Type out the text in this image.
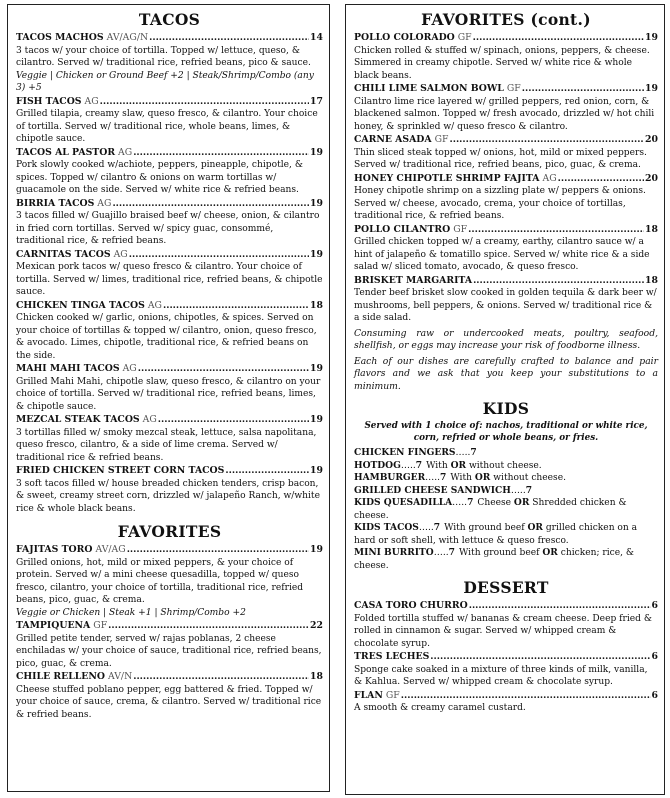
TACOS
TACOS MACHOS AV/AG/N .....	14
3 tacos w/ your choice of tortilla. Topped w/ lettuce, queso, & cilantro. Served w/ traditional rice, refried beans, pico & sauce.
Veggie | Chicken or Ground Beef +2 | Steak/Shrimp/Combo (any 3) +5
FISH TACOS AG .....	17
Grilled tilapia, creamy slaw, queso fresco, & cilantro. Your choice of tortilla. Served w/ traditional rice, whole beans, limes, & chipotle sauce.
TACOS AL PASTOR AG .....	19
Pork slowly cooked w/achiote, peppers, pineapple, chipotle, & spices. Topped w/ cilantro & onions on warm tortillas w/ guacamole on the side. Served w/ white rice & refried beans.
BIRRIA TACOS AG .....	19
3 tacos filled w/ Guajillo braised beef w/ cheese, onion, & cilantro in fried corn tortillas. Served w/ spicy guac, consommé, traditional rice, & refried beans.
CARNITAS TACOS AG .....	19
Mexican pork tacos w/ queso fresco & cilantro. Your choice of tortilla. Served w/ limes, traditional rice, refried beans, & chipotle sauce.
CHICKEN TINGA TACOS AG .....	18
Chicken cooked w/ garlic, onions, chipotles, & spices. Served on your choice of tortillas & topped w/ cilantro, onion, queso fresco, & avocado. Limes, chipotle, traditional rice, & refried beans on the side.
MAHI MAHI TACOS AG .....	19
Grilled Mahi Mahi, chipotle slaw, queso fresco, & cilantro on your choice of tortilla. Served w/ traditional rice, refried beans, limes, & chipotle sauce.
MEZCAL STEAK TACOS AG .....	19
3 tortillas filled w/ smoky mezcal steak, lettuce, salsa napolitana, queso fresco, cilantro, & a side of lime crema. Served w/ traditional rice & refried beans.
FRIED CHICKEN STREET CORN TACOS .....	19
3 soft tacos filled w/ house breaded chicken tenders, crisp bacon, & sweet, creamy street corn, drizzled w/ jalapeño Ranch, w/white rice & whole black beans.
FAVORITES
FAJITAS TORO AV/AG .....	19
Grilled onions, hot, mild or mixed peppers, & your choice of protein. Served w/ a mini cheese quesadilla, topped w/ queso fresco, cilantro, your choice of tortilla, traditional rice, refried beans, pico, guac, & crema.
Veggie or Chicken | Steak +1 | Shrimp/Combo +2
TAMPIQUENA GF .....	22
Grilled petite tender, served w/ rajas poblanas, 2 cheese enchiladas w/ your choice of sauce, traditional rice, refried beans, pico, guac, & crema.
CHILE RELLENO AV/N .....	18
Cheese stuffed poblano pepper, egg battered & fried. Topped w/ your choice of sauce, crema, & cilantro. Served w/ traditional rice & refried beans.
FAVORITES (cont.)
POLLO COLORADO GF .....	19
Chicken rolled & stuffed w/ spinach, onions, peppers, & cheese. Simmered in creamy chipotle. Served w/ white rice & whole black beans.
CHILI LIME SALMON BOWL GF .....	19
Cilantro lime rice layered w/ grilled peppers, red onion, corn, & blackened salmon. Topped w/ fresh avocado, drizzled w/ hot chili honey, & sprinkled w/ queso fresco & cilantro.
CARNE ASADA GF .....	20
Thin sliced steak topped w/ onions, hot, mild or mixed peppers. Served w/ traditional rice, refried beans, pico, guac, & crema.
HONEY CHIPOTLE SHRIMP FAJITA AG .....	20
Honey chipotle shrimp on a sizzling plate w/ peppers & onions. Served w/ cheese, avocado, crema, your choice of tortillas, traditional rice, & refried beans.
POLLO CILANTRO GF .....	18
Grilled chicken topped w/ a creamy, earthy, cilantro sauce w/ a hint of jalapeño & tomatillo spice. Served w/ white rice & a side salad w/ sliced tomato, avocado, & queso fresco.
BRISKET MARGARITA .....	18
Tender beef brisket slow cooked in golden tequila & dark beer w/ mushrooms, bell peppers, & onions. Served w/ traditional rice & a side salad.
Consuming raw or undercooked meats, poultry, seafood, shellfish, or eggs may increase your risk of foodborne illness.
Each of our dishes are carefully crafted to balance and pair flavors and we ask that you keep your substitutions to a minimum.
KIDS
Served with 1 choice of: nachos, traditional or white rice, corn, refried or whole beans, or fries.
CHICKEN FINGERS…..7
HOTDOG…..7 With OR without cheese.
HAMBURGER…..7 With OR without cheese.
GRILLED CHEESE SANDWICH…..7
KIDS QUESADILLA…..7 Cheese OR Shredded chicken & cheese.
KIDS TACOS…..7 With ground beef OR grilled chicken on a hard or soft shell, with lettuce & queso fresco.
MINI BURRITO…..7 With ground beef OR chicken; rice, & cheese.
DESSERT
CASA TORO CHURRO .....	6
Folded tortilla stuffed w/ bananas & cream cheese. Deep fried & rolled in cinnamon & sugar. Served w/ whipped cream & chocolate syrup.
TRES LECHES .....	6
Sponge cake soaked in a mixture of three kinds of milk, vanilla, & Kahlua. Served w/ whipped cream & chocolate syrup.
FLAN GF .....	6
A smooth & creamy caramel custard.
